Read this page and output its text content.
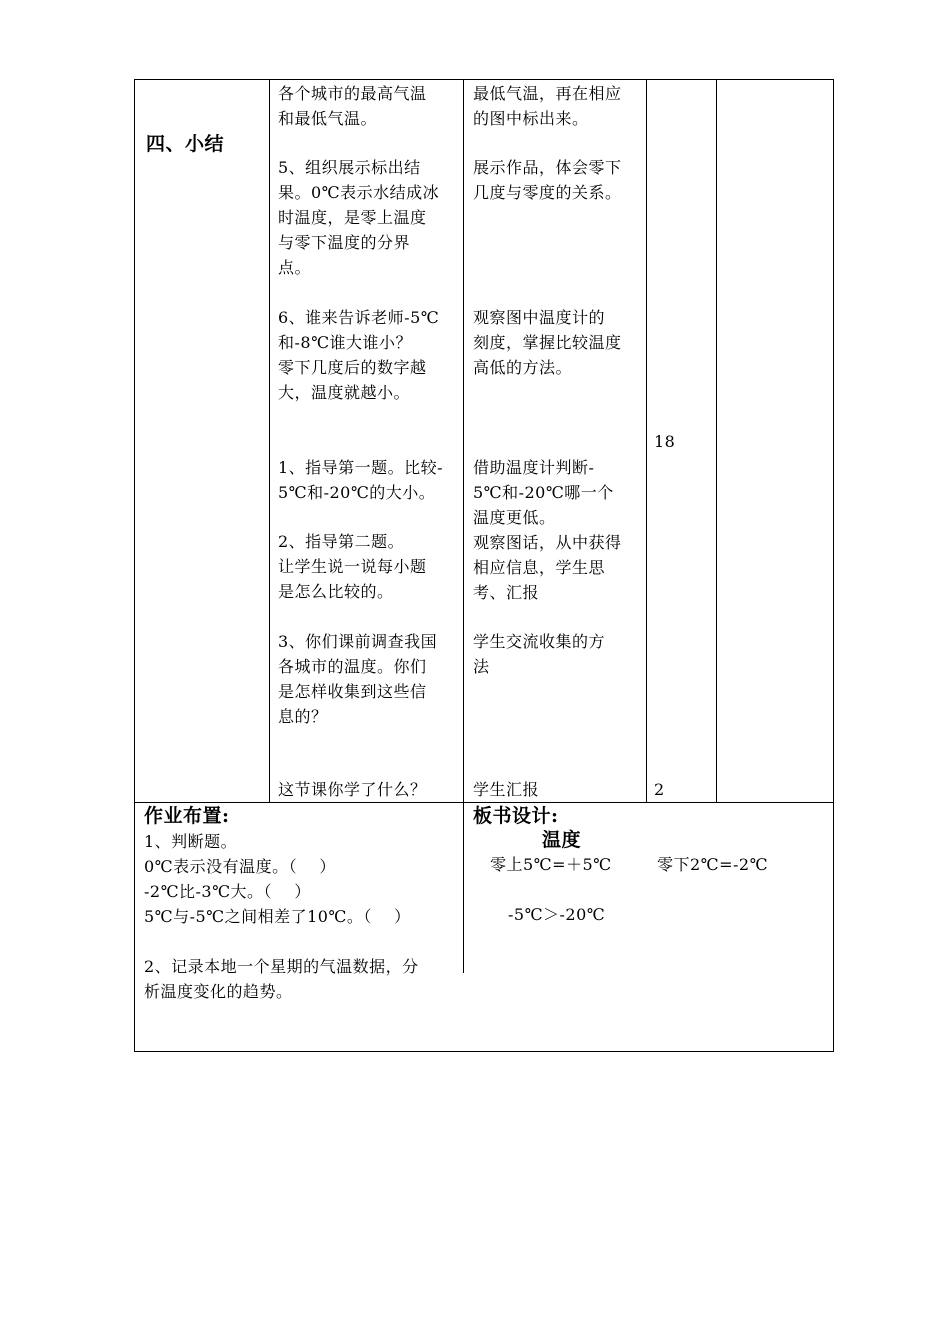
四、小结
各个城市的最高气温
和最低气温。
5、组织展示标出结
果。0℃表示水结成冰
时温度，是零上温度
与零下温度的分界
点。
6、谁来告诉老师-5℃
和-8℃谁大谁小？
零下几度后的数字越
大，温度就越小。
1、指导第一题。比较-
5℃和-20℃的大小。
2、指导第二题。
让学生说一说每小题
是怎么比较的。
3、你们课前调查我国
各城市的温度。你们
是怎样收集到这些信
息的？
这节课你学了什么？
最低气温，再在相应
的图中标出来。
展示作品，体会零下
几度与零度的关系。
观察图中温度计的
刻度，掌握比较温度
高低的方法。
借助温度计判断-
5℃和-20℃哪一个
温度更低。
观察图话，从中获得
相应信息，学生思
考、汇报
学生交流收集的方
法
学生汇报
18
2
作业布置:
1、判断题。
0℃表示没有温度。（    ）
-2℃比-3℃大。（    ）
5℃与-5℃之间相差了10℃。（    ）

2、记录本地一个星期的气温数据，分
析温度变化的趋势。
板书设计:
温度
零上5℃=＋5℃	零下2℃=-2℃
-5℃＞-20℃
